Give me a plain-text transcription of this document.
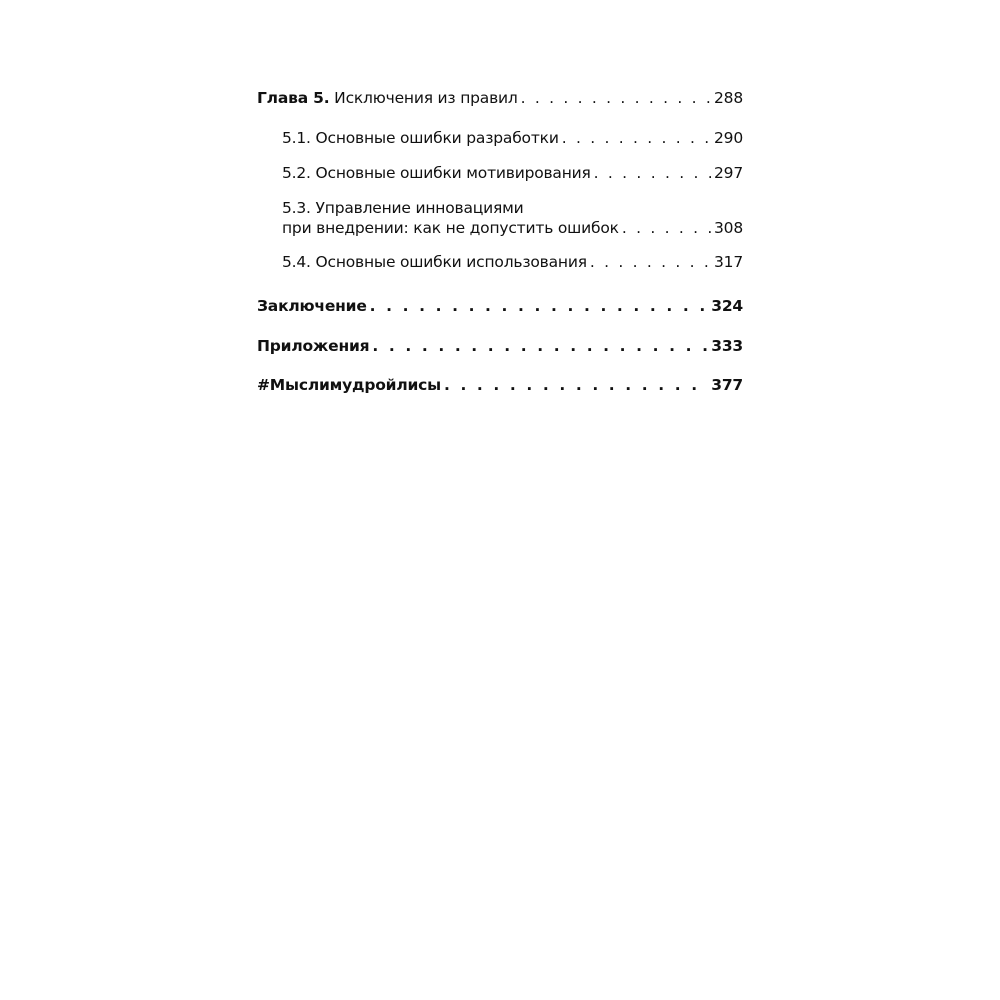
Глава 5. Исключения из правил . . .	288
5.1. Основные ошибки разработки . . .	290
5.2. Основные ошибки мотивирования . . .	297
5.3. Управление инновациями
при внедрении: как не допустить ошибок . . .	308
5.4. Основные ошибки использования . . .	317
Заключение . . .	324
Приложения . . .	333
#Мыслимудройлисы . . .	377
